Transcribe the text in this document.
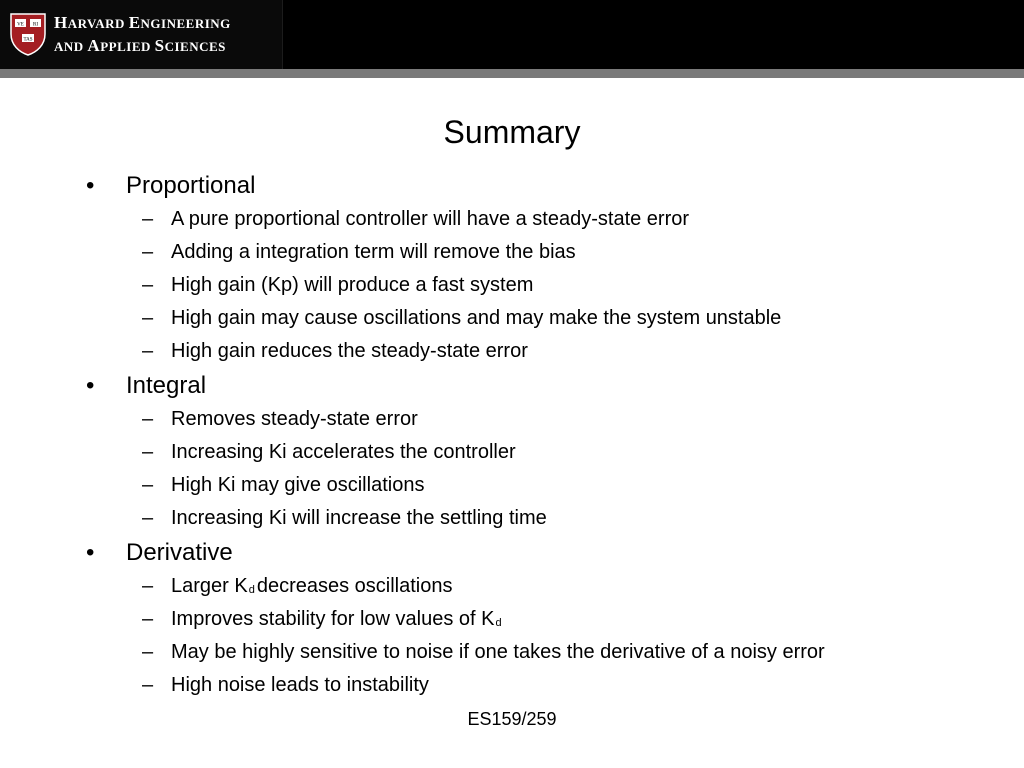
VE RI
TAS
HARVARD ENGINEERING
AND APPLIED SCIENCES
Summary
• Proportional
– A pure proportional controller will have a steady-state error
– Adding a integration term will remove the bias
– High gain (Kp) will produce a fast system
– High gain may cause oscillations and may make the system unstable
– High gain reduces the steady-state error
• Integral
– Removes steady-state error
– Increasing Ki accelerates the controller
– High Ki may give oscillations
– Increasing Ki will increase the settling time
• Derivative
– Larger Kd decreases oscillations
– Improves stability for low values of Kd
– May be highly sensitive to noise if one takes the derivative of a noisy error
– High noise leads to instability
ES159/259
